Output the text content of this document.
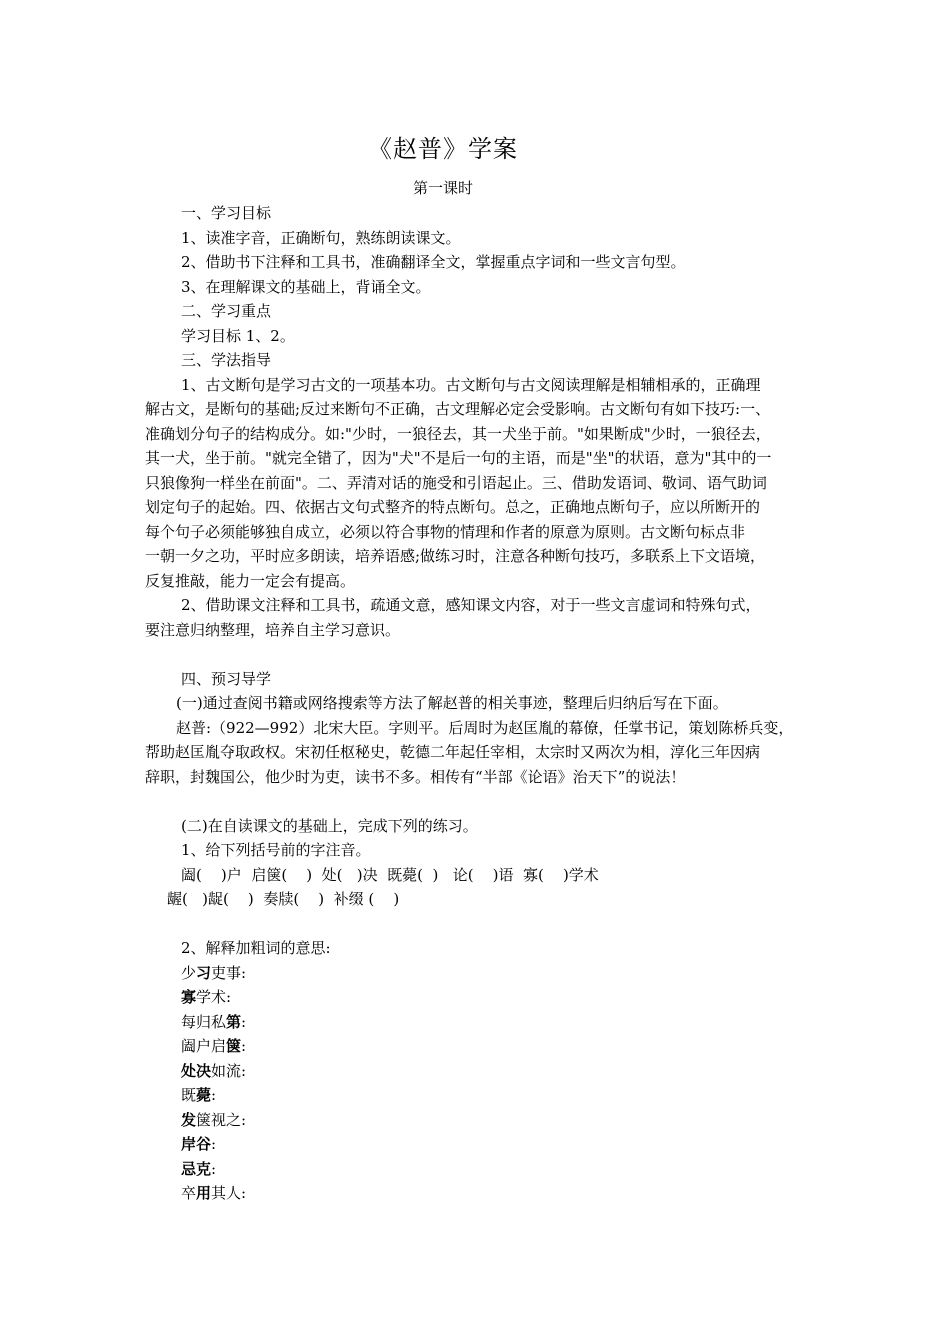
《赵普》学案
第一课时
一、学习目标
1、读准字音，正确断句，熟练朗读课文。
2、借助书下注释和工具书，准确翻译全文，掌握重点字词和一些文言句型。
3、在理解课文的基础上，背诵全文。
二、学习重点
学习目标 1、2。
三、学法指导
1、古文断句是学习古文的一项基本功。古文断句与古文阅读理解是相辅相承的，正确理
解古文，是断句的基础;反过来断句不正确，古文理解必定会受影响。古文断句有如下技巧:一、
准确划分句子的结构成分。如:"少时，一狼径去，其一犬坐于前。"如果断成"少时，一狼径去，
其一犬，坐于前。"就完全错了，因为"犬"不是后一句的主语，而是"坐"的状语，意为"其中的一
只狼像狗一样坐在前面"。二、弄清对话的施受和引语起止。三、借助发语词、敬词、语气助词
划定句子的起始。四、依据古文句式整齐的特点断句。总之，正确地点断句子，应以所断开的
每个句子必须能够独自成立，必须以符合事物的情理和作者的原意为原则。古文断句标点非
一朝一夕之功，平时应多朗读，培养语感;做练习时，注意各种断句技巧，多联系上下文语境，
反复推敲，能力一定会有提高。
2、借助课文注释和工具书，疏通文意，感知课文内容，对于一些文言虚词和特殊句式，
要注意归纳整理，培养自主学习意识。
四、预习导学
(一)通过查阅书籍或网络搜索等方法了解赵普的相关事迹，整理后归纳后写在下面。
赵普:（922—992）北宋大臣。字则平。后周时为赵匡胤的幕僚，任掌书记，策划陈桥兵变，
帮助赵匡胤夺取政权。宋初任枢秘史，乾德二年起任宰相，太宗时又两次为相，淳化三年因病
辞职，封魏国公，他少时为吏，读书不多。相传有“半部《论语》治天下”的说法！
(二)在自读课文的基础上，完成下列的练习。
1、给下列括号前的字注音。
阖(    )户  启箧(    )  处(   )决  既薨(  )   论(    )语  寡(    )学术
龌(   )龊(    )  奏牍(    )  补缀 (    )
2、解释加粗词的意思:
少习吏事:
寡学术:
每归私第:
阖户启箧:
处决如流:
既薨:
发箧视之:
岸谷:
忌克:
卒用其人:
